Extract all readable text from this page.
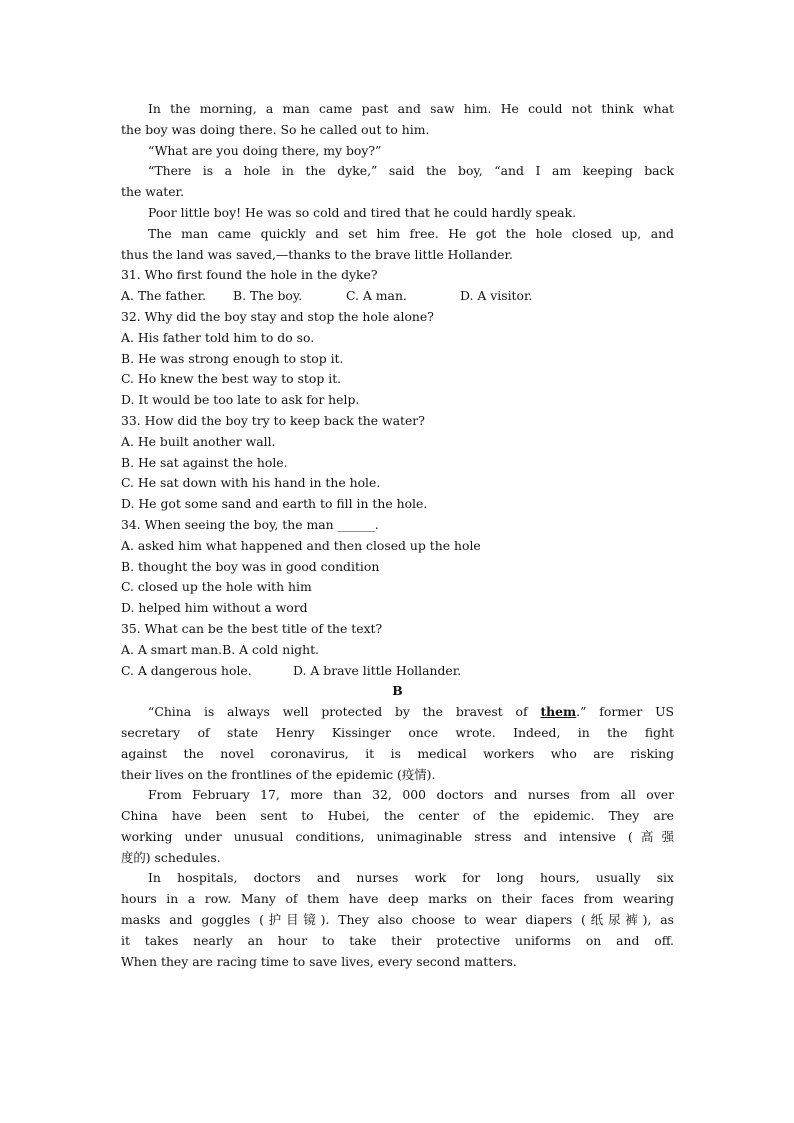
In the morning, a man came past and saw him. He could not think what
the boy was doing there. So he called out to him.
“What are you doing there, my boy?”
“There is a hole in the dyke,” said the boy, “and I am keeping back
the water.
Poor little boy! He was so cold and tired that he could hardly speak.
The man came quickly and set him free. He got the hole closed up, and
thus the land was saved,—thanks to the brave little Hollander.
31. Who first found the hole in the dyke?
A. The father. B. The boy.	C. A man.	D. A visitor.
32. Why did the boy stay and stop the hole alone?
A. His father told him to do so.
B. He was strong enough to stop it.
C. Ho knew the best way to stop it.
D. It would be too late to ask for help.
33. How did the boy try to keep back the water?
A. He built another wall.
B. He sat against the hole.
C. He sat down with his hand in the hole.
D. He got some sand and earth to fill in the hole.
34. When seeing the boy, the man ______.
A. asked him what happened and then closed up the hole
B. thought the boy was in good condition
C. closed up the hole with him
D. helped him without a word
35. What can be the best title of the text?
A. A smart man.B. A cold night.
C. A dangerous hole.	D. A brave little Hollander.
B
“China is always well protected by the bravest of them.” former US
secretary of state Henry Kissinger once wrote. Indeed, in the fight
against the novel coronavirus, it is medical workers who are risking
their lives on the frontlines of the epidemic (疫情).
From February 17, more than 32, 000 doctors and nurses from all over
China have been sent to Hubei, the center of the epidemic. They are
working under unusual conditions, unimaginable stress and intensive (高强
度的) schedules.
In hospitals, doctors and nurses work for long hours, usually six
hours in a row. Many of them have deep marks on their faces from wearing
masks and goggles (护目镜). They also choose to wear diapers (纸尿裤), as
it takes nearly an hour to take their protective uniforms on and off.
When they are racing time to save lives, every second matters.
